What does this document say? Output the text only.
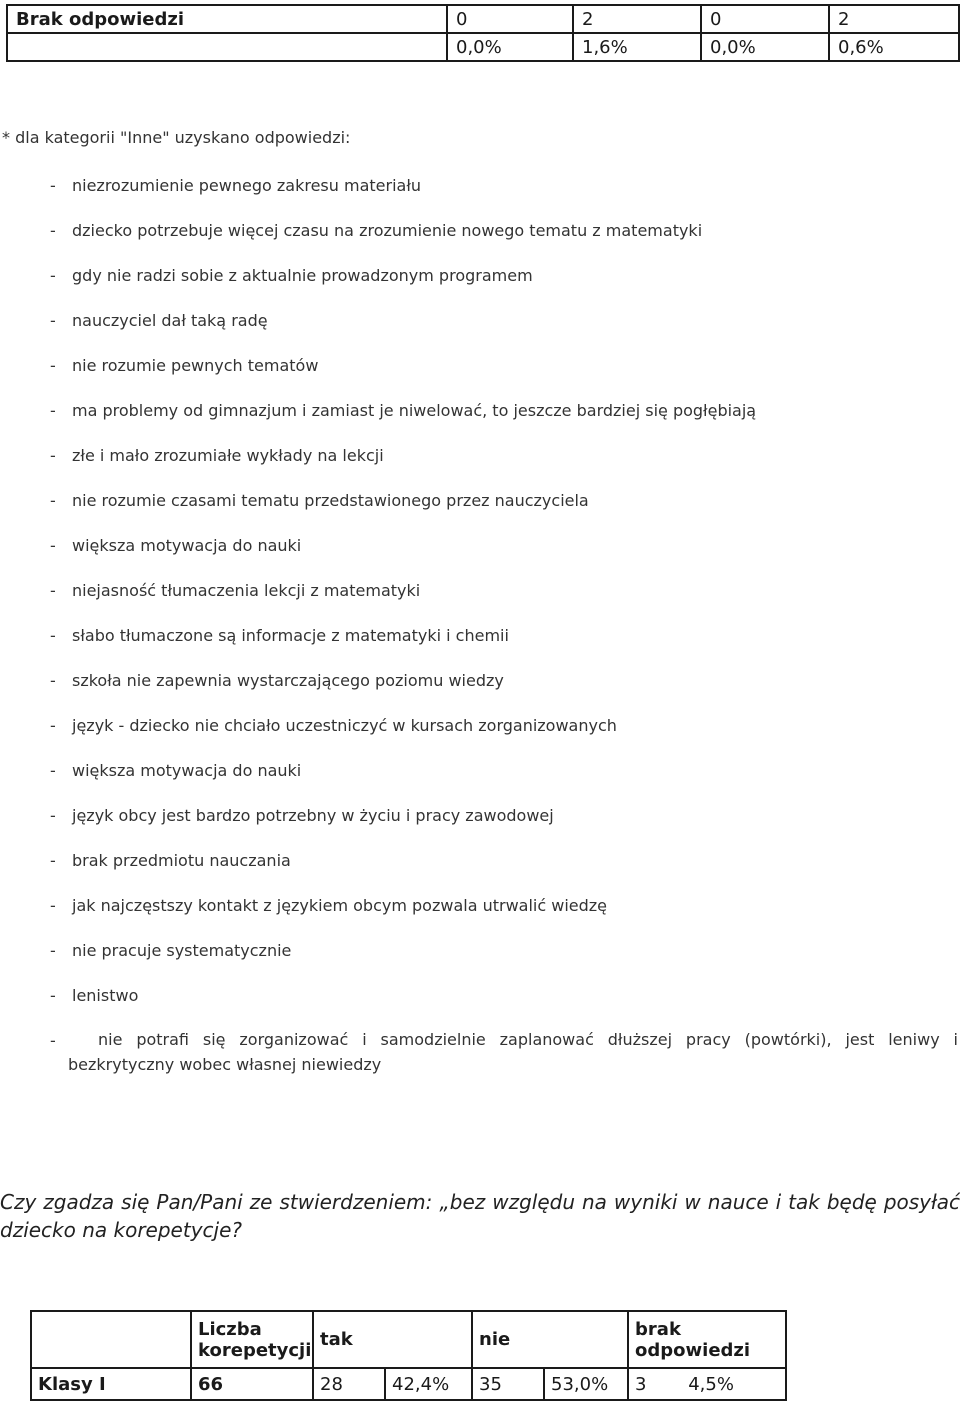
Brak odpowiedzi	0	2	0	2
	0,0%	1,6%	0,0%	0,6%
* dla kategorii "Inne" uzyskano odpowiedzi:
- niezrozumienie pewnego zakresu materiału
- dziecko potrzebuje więcej czasu na zrozumienie nowego tematu z matematyki
- gdy nie radzi sobie z aktualnie prowadzonym programem
- nauczyciel dał taką radę
- nie rozumie pewnych tematów
- ma problemy od gimnazjum i zamiast je niwelować, to jeszcze bardziej się pogłębiają
- złe i mało zrozumiałe wykłady na lekcji
- nie rozumie czasami tematu przedstawionego przez nauczyciela
- większa motywacja do nauki
- niejasność tłumaczenia lekcji z matematyki
- słabo tłumaczone są informacje z matematyki i chemii
- szkoła nie zapewnia wystarczającego poziomu wiedzy
- język - dziecko nie chciało uczestniczyć w kursach zorganizowanych
- większa motywacja do nauki
- język obcy jest bardzo potrzebny w życiu i pracy zawodowej
- brak przedmiotu nauczania
- jak najczęstszy kontakt z językiem obcym pozwala utrwalić wiedzę
- nie pracuje systematycznie
- lenistwo
-	nie potrafi się zorganizować i samodzielnie zaplanować dłuższej pracy (powtórki), jest leniwy i bezkrytyczny wobec własnej niewiedzy
Czy zgadza się Pan/Pani ze stwierdzeniem: „bez względu na wyniki w nauce i tak będę posyłać dziecko na korepetycje?
	Liczba korepetycji	tak		nie		brak odpowiedzi
Klasy I	66	28	42,4%	35	53,0%	3 4,5%
